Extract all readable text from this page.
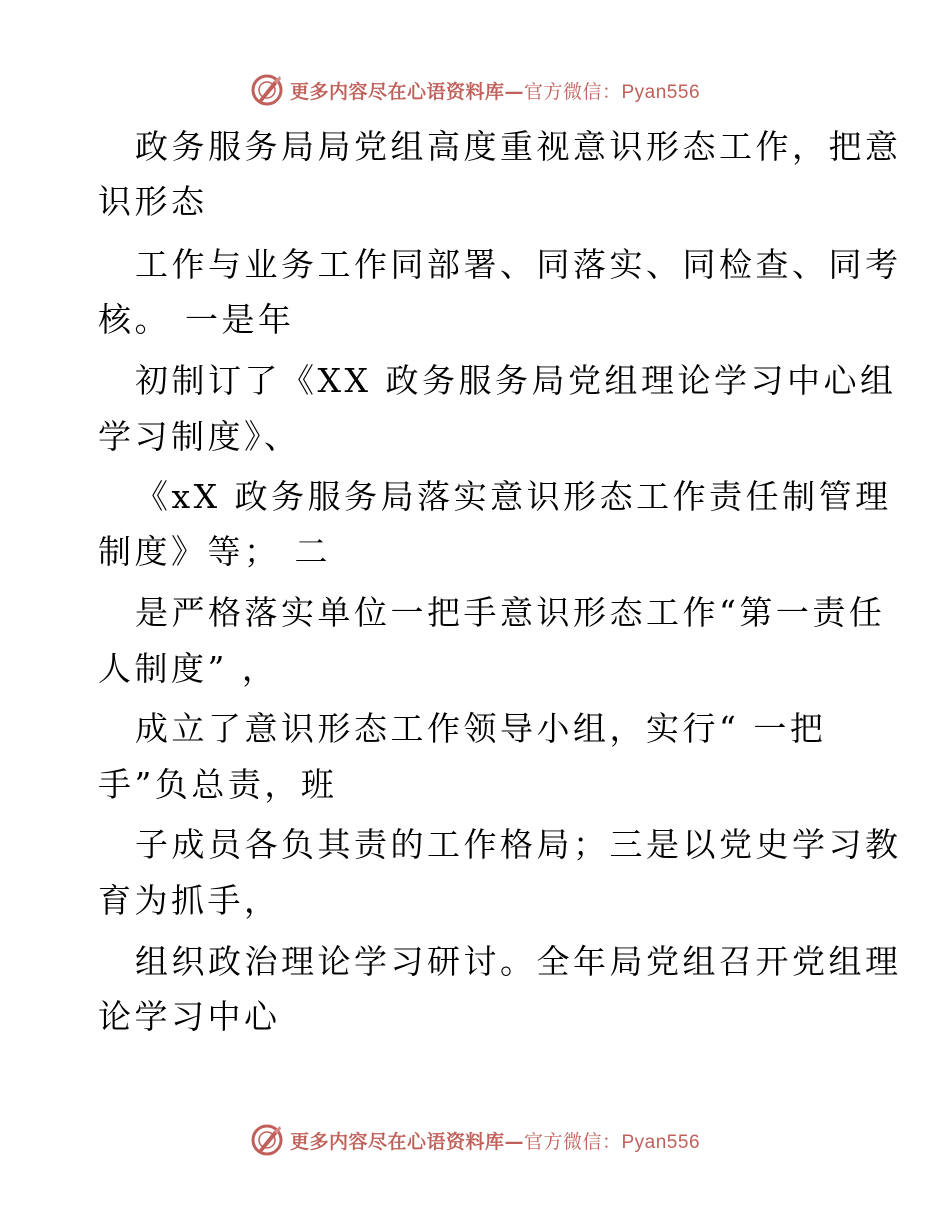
更多内容尽在心语资料库—官方微信：Pyan556
政务服务局局党组高度重视意识形态工作，把意
识形态
工作与业务工作同部署、同落实、同检查、同考
核。 一是年
初制订了《XX 政务服务局党组理论学习中心组
学习制度》、
《xX 政务服务局落实意识形态工作责任制管理
制度》等； 二
是严格落实单位一把手意识形态工作“第一责任
人制度” ，
成立了意识形态工作领导小组，实行“ 一把
手”负总责，班
子成员各负其责的工作格局；三是以党史学习教
育为抓手，
组织政治理论学习研讨。全年局党组召开党组理
论学习中心
更多内容尽在心语资料库—官方微信：Pyan556
